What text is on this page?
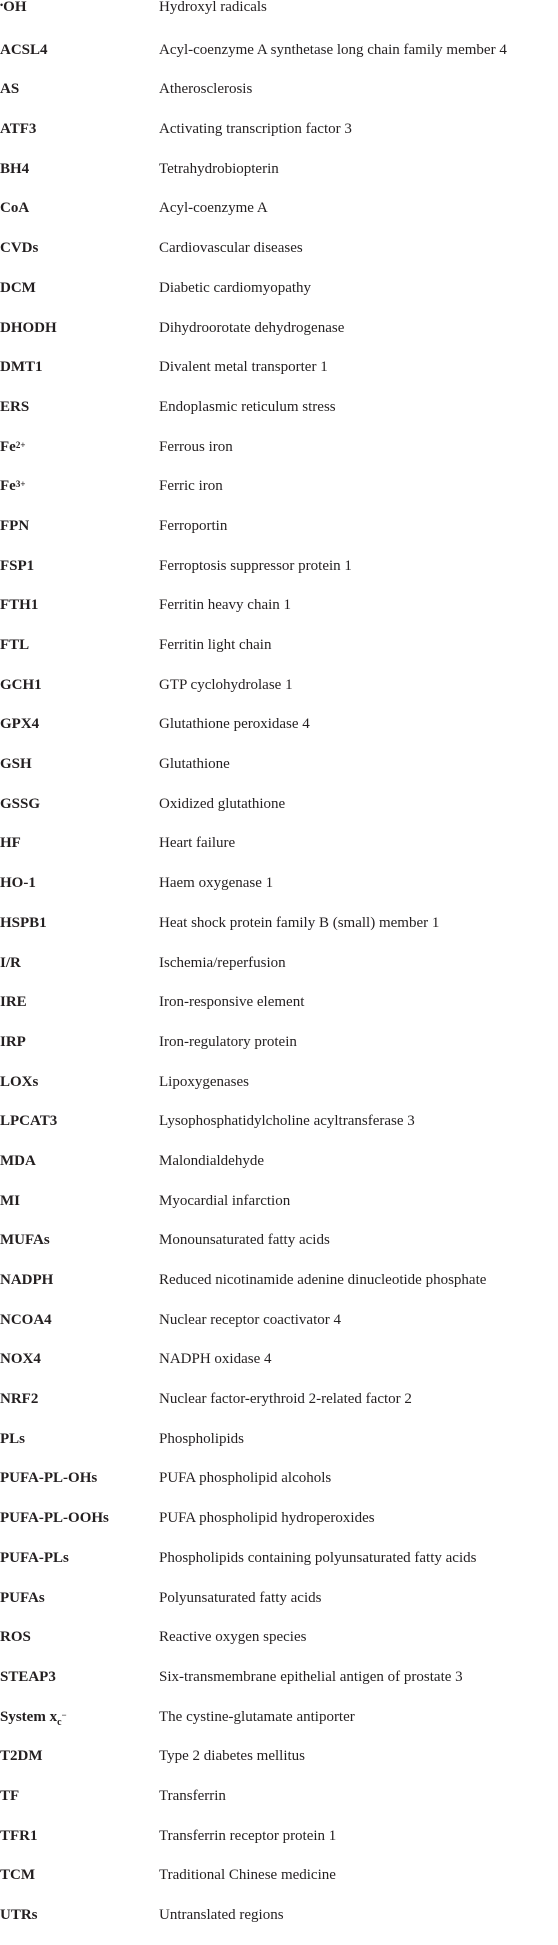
•OH	Hydroxyl radicals
ACSL4	Acyl-coenzyme A synthetase long chain family member 4
AS	Atherosclerosis
ATF3	Activating transcription factor 3
BH4	Tetrahydrobiopterin
CoA	Acyl-coenzyme A
CVDs	Cardiovascular diseases
DCM	Diabetic cardiomyopathy
DHODH	Dihydroorotate dehydrogenase
DMT1	Divalent metal transporter 1
ERS	Endoplasmic reticulum stress
$Fe^{2+}$	Ferrous iron
$Fe^{3+}$	Ferric iron
FPN	Ferroportin
FSP1	Ferroptosis suppressor protein 1
FTH1	Ferritin heavy chain 1
FTL	Ferritin light chain
GCH1	GTP cyclohydrolase 1
GPX4	Glutathione peroxidase 4
GSH	Glutathione
GSSG	Oxidized glutathione
HF	Heart failure
HO-1	Haem oxygenase 1
HSPB1	Heat shock protein family B (small) member 1
I/R	Ischemia/reperfusion
IRE	Iron-responsive element
IRP	Iron-regulatory protein
LOXs	Lipoxygenases
LPCAT3	Lysophosphatidylcholine acyltransferase 3
MDA	Malondialdehyde
MI	Myocardial infarction
MUFAs	Monounsaturated fatty acids
NADPH	Reduced nicotinamide adenine dinucleotide phosphate
NCOA4	Nuclear receptor coactivator 4
NOX4	NADPH oxidase 4
NRF2	Nuclear factor-erythroid 2-related factor 2
PLs	Phospholipids
PUFA-PL-OHs	PUFA phospholipid alcohols
PUFA-PL-OOHs	PUFA phospholipid hydroperoxides
PUFA-PLs	Phospholipids containing polyunsaturated fatty acids
PUFAs	Polyunsaturated fatty acids
ROS	Reactive oxygen species
STEAP3	Six-transmembrane epithelial antigen of prostate 3
System $x_c^-$	The cystine-glutamate antiporter
T2DM	Type 2 diabetes mellitus
TF	Transferrin
TFR1	Transferrin receptor protein 1
TCM	Traditional Chinese medicine
UTRs	Untranslated regions
